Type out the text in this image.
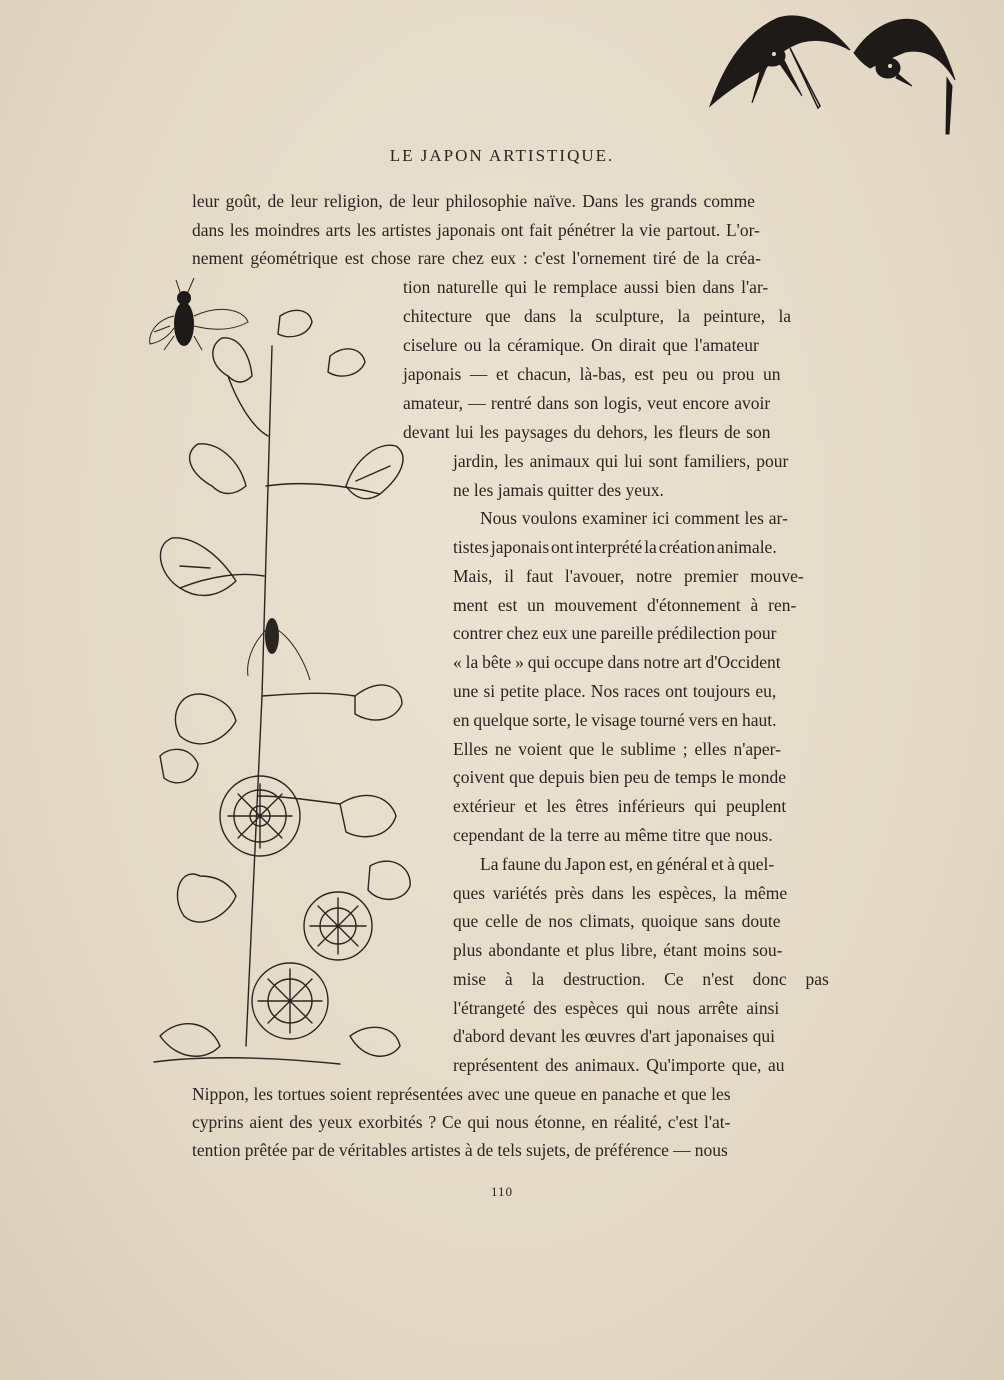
LE JAPON ARTISTIQUE.
leur goût, de leur religion, de leur philosophie naïve. Dans les grands comme
dans les moindres arts les artistes japonais ont fait pénétrer la vie partout. L'or-
nement géométrique est chose rare chez eux : c'est l'ornement tiré de la créa-
tion naturelle qui le remplace aussi bien dans l'ar-
chitecture que dans la sculpture, la peinture, la
ciselure ou la céramique. On dirait que l'amateur
japonais — et chacun, là-bas, est peu ou prou un
amateur, — rentré dans son logis, veut encore avoir
devant lui les paysages du dehors, les fleurs de son
jardin, les animaux qui lui sont familiers, pour
ne les jamais quitter des yeux.
Nous voulons examiner ici comment les ar-
tistes japonais ont interprété la création animale.
Mais, il faut l'avouer, notre premier mouve-
ment est un mouvement d'étonnement à ren-
contrer chez eux une pareille prédilection pour
« la bête » qui occupe dans notre art d'Occident
une si petite place. Nos races ont toujours eu,
en quelque sorte, le visage tourné vers en haut.
Elles ne voient que le sublime ; elles n'aper-
çoivent que depuis bien peu de temps le monde
extérieur et les êtres inférieurs qui peuplent
cependant de la terre au même titre que nous.
La faune du Japon est, en général et à quel-
ques variétés près dans les espèces, la même
que celle de nos climats, quoique sans doute
plus abondante et plus libre, étant moins sou-
mise à la destruction. Ce n'est donc pas
l'étrangeté des espèces qui nous arrête ainsi
d'abord devant les œuvres d'art japonaises qui
représentent des animaux. Qu'importe que, au
Nippon, les tortues soient représentées avec une queue en panache et que les
cyprins aient des yeux exorbités ? Ce qui nous étonne, en réalité, c'est l'at-
tention prêtée par de véritables artistes à de tels sujets, de préférence — nous
110
